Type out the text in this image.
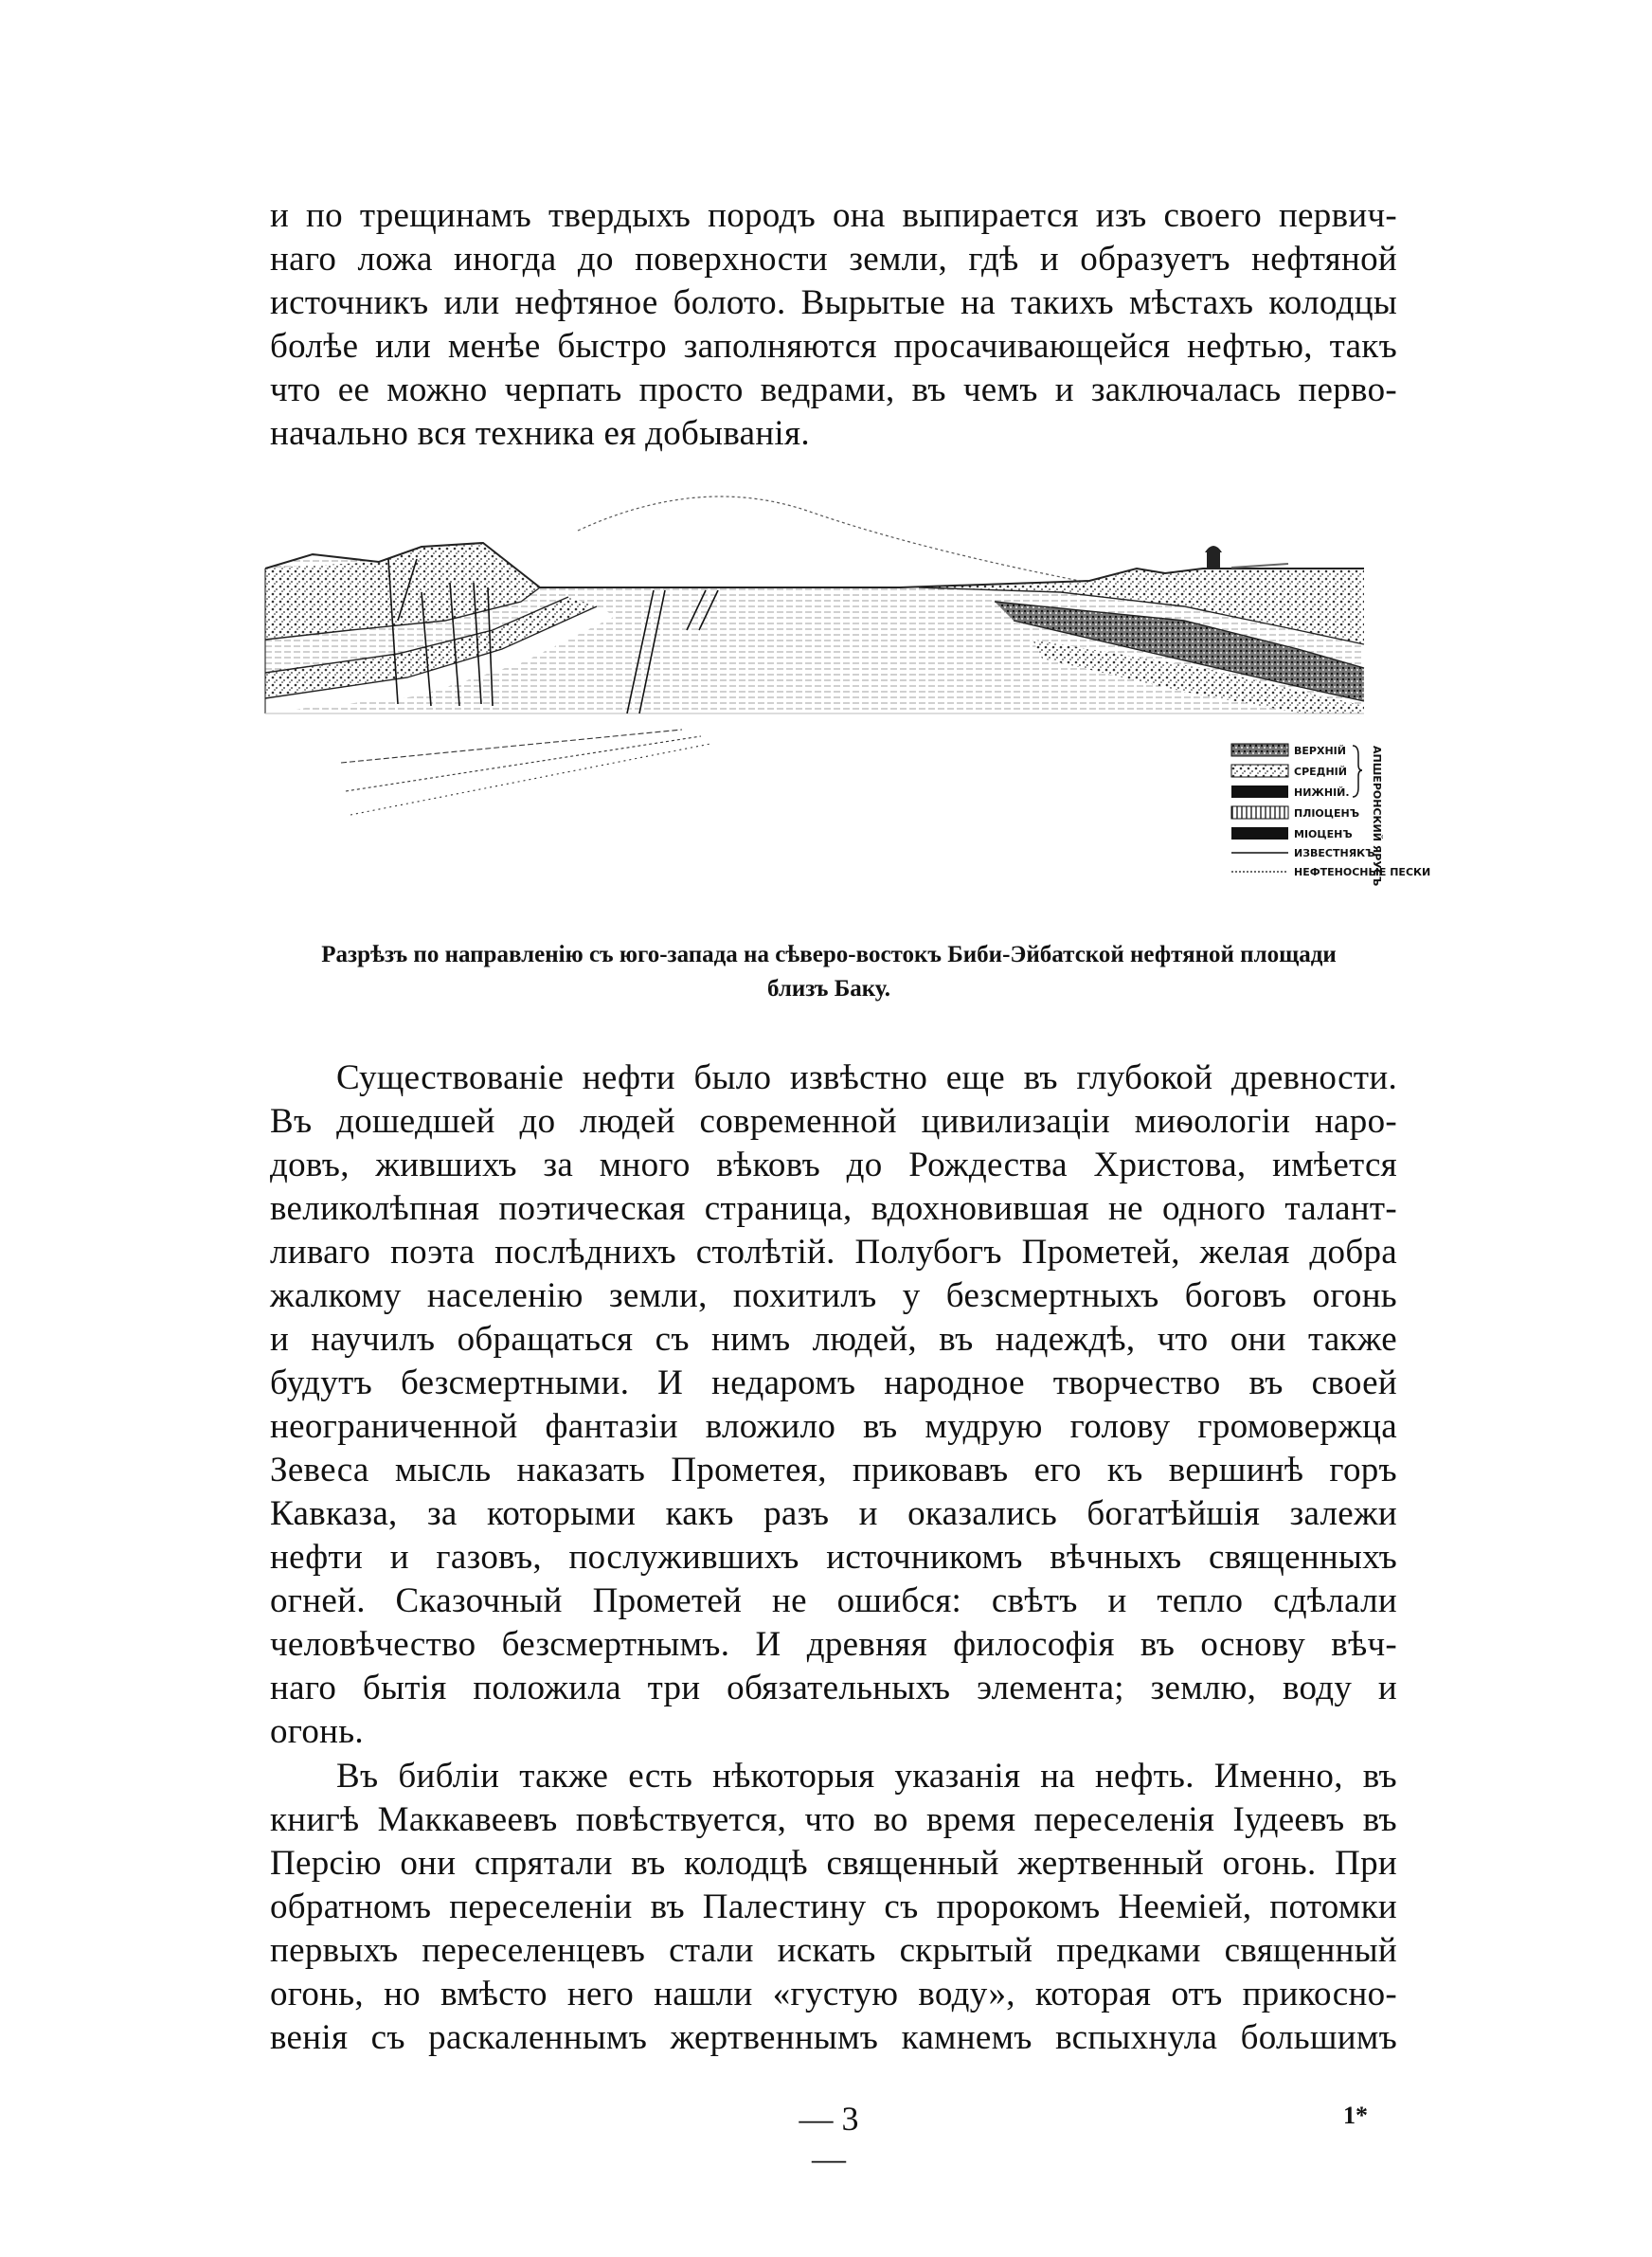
и по трещинамъ твердыхъ породъ она выпирается изъ своего первич-
наго ложа иногда до поверхности земли, гдѣ и образуетъ нефтяной
источникъ или нефтяное болото. Вырытые на такихъ мѣстахъ колодцы
болѣе или менѣе быстро заполняются просачивающейся нефтью, такъ
что ее можно черпать просто ведрами, въ чемъ и заключалась перво-
начально вся техника ея добыванія.

ВЕРХНІЙ
СРЕДНІЙ
НИЖНІЙ.
ПЛІОЦЕНЪ
МІОЦЕНЪ
ИЗВЕСТНЯКЪ
НЕФТЕНОСНЫЕ ПЕСКИ
АПШЕРОНСКИЙ ЯРУСЪ
Разрѣзъ по направленію съ юго-запада на сѣверо-востокъ Биби-Эйбатской нефтяной площади
близъ Баку.

Существованіе нефти было извѣстно еще въ глубокой древности.
Въ дошедшей до людей современной цивилизаціи миѳологіи наро-
довъ, жившихъ за много вѣковъ до Рождества Христова, имѣется
великолѣпная поэтическая страница, вдохновившая не одного талант-
ливаго поэта послѣднихъ столѣтій. Полубогъ Прометей, желая добра
жалкому населенію земли, похитилъ у безсмертныхъ боговъ огонь
и научилъ обращаться съ нимъ людей, въ надеждѣ, что они также
будутъ безсмертными. И недаромъ народное творчество въ своей
неограниченной фантазіи вложило въ мудрую голову громовержца
Зевеса мысль наказать Прометея, приковавъ его къ вершинѣ горъ
Кавказа, за которыми какъ разъ и оказались богатѣйшія залежи
нефти и газовъ, послужившихъ источникомъ вѣчныхъ священныхъ
огней. Сказочный Прометей не ошибся: свѣтъ и тепло сдѣлали
человѣчество безсмертнымъ. И древняя философія въ основу вѣч-
наго бытія положила три обязательныхъ элемента; землю, воду и
огонь.

Въ библіи также есть нѣкоторыя указанія на нефть. Именно, въ
книгѣ Маккавеевъ повѣствуется, что во время переселенія Іудеевъ въ
Персію они спрятали въ колодцѣ священный жертвенный огонь. При
обратномъ переселеніи въ Палестину съ пророкомъ Нееміей, потомки
первыхъ переселенцевъ стали искать скрытый предками священный
огонь, но вмѣсто него нашли «густую воду», которая отъ прикосно-
венія съ раскаленнымъ жертвеннымъ камнемъ вспыхнула большимъ

— 3 —
1*
